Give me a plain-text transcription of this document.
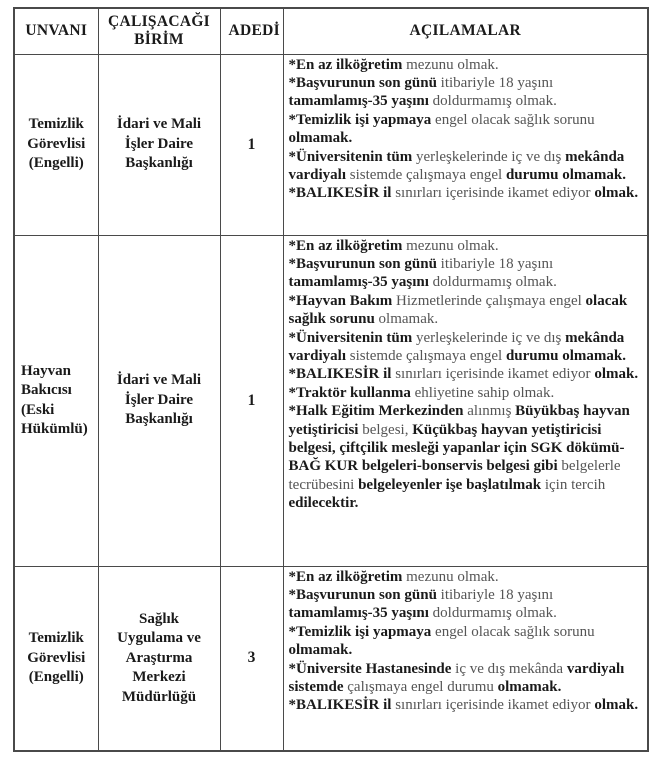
UNVANI	ÇALIŞACAĞI BİRİM	ADEDİ	AÇILAMALAR
Temizlik Görevlisi (Engelli)	İdari ve Mali İşler Daire Başkanlığı	1	*En az ilköğretim mezunu olmak.
*Başvurunun son günü itibariyle 18 yaşını tamamlamış-35 yaşını doldurmamış olmak.
*Temizlik işi yapmaya engel olacak sağlık sorunu olmamak.
*Üniversitenin tüm yerleşkelerinde iç ve dış mekânda vardiyalı sistemde çalışmaya engel durumu olmamak.
*BALIKESİR il sınırları içerisinde ikamet ediyor olmak.

Hayvan Bakıcısı (Eski Hükümlü)	İdari ve Mali İşler Daire Başkanlığı	1	
*En az ilköğretim mezunu olmak.
*Başvurunun son günü itibariyle 18 yaşını tamamlamış-35 yaşını doldurmamış olmak.
*Hayvan Bakım Hizmetlerinde çalışmaya engel olacak sağlık sorunu olmamak.
*Üniversitenin tüm yerleşkelerinde iç ve dış mekânda vardiyalı sistemde çalışmaya engel durumu olmamak.
*BALIKESİR il sınırları içerisinde ikamet ediyor olmak.
*Traktör kullanma ehliyetine sahip olmak.
*Halk Eğitim Merkezinden alınmış Büyükbaş hayvan yetiştiricisi belgesi, Küçükbaş hayvan yetiştiricisi belgesi, çiftçilik mesleği yapanlar için SGK dökümü-BAĞ KUR belgeleri-bonservis belgesi gibi belgelerle tecrübesini belgeleyenler işe başlatılmak için tercih edilecektir.

Temizlik Görevlisi (Engelli)	Sağlık Uygulama ve Araştırma Merkezi Müdürlüğü	3	*En az ilköğretim mezunu olmak.
*Başvurunun son günü itibariyle 18 yaşını tamamlamış-35 yaşını doldurmamış olmak.
*Temizlik işi yapmaya engel olacak sağlık sorunu olmamak.
*Üniversite Hastanesinde iç ve dış mekânda vardiyalı sistemde çalışmaya engel durumu olmamak.
*BALIKESİR il sınırları içerisinde ikamet ediyor olmak.
